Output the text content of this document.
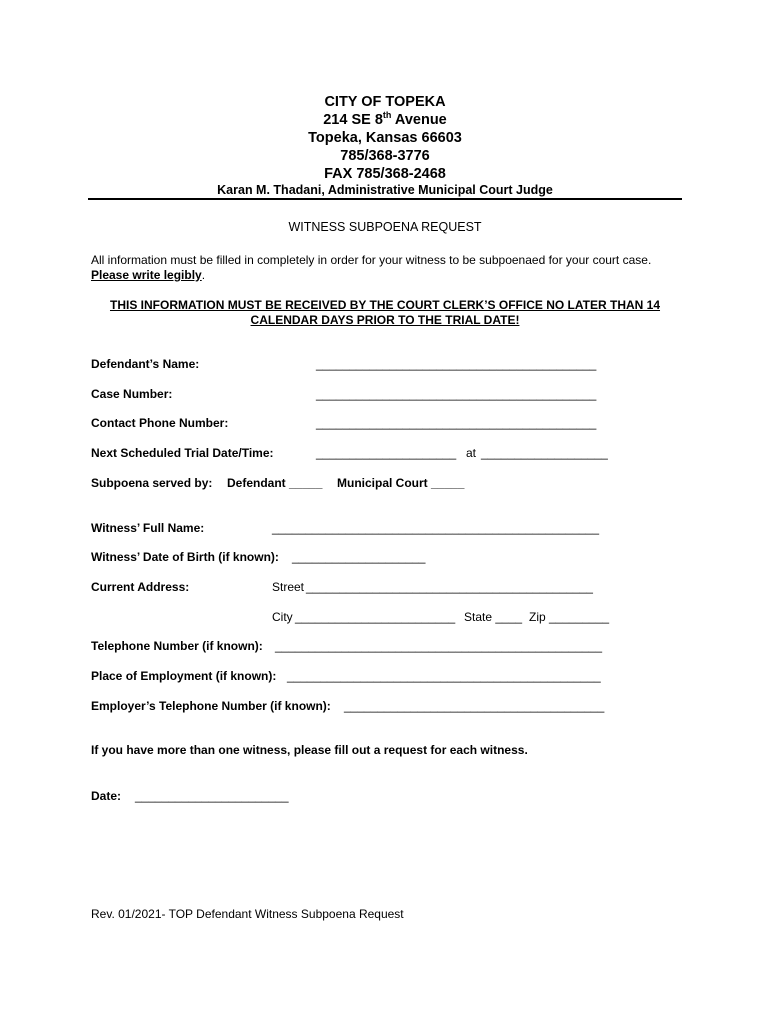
CITY OF TOPEKA
214 SE 8th Avenue
Topeka, Kansas 66603
785/368-3776
FAX 785/368-2468
Karan M. Thadani, Administrative Municipal Court Judge
WITNESS SUBPOENA REQUEST
All information must be filled in completely in order for your witness to be subpoenaed for your court case.
Please write legibly.
THIS INFORMATION MUST BE RECEIVED BY THE COURT CLERK’S OFFICE NO LATER THAN 14
CALENDAR DAYS PRIOR TO THE TRIAL DATE!
Defendant’s Name:	__________________________________________
Case Number:	__________________________________________
Contact Phone Number:	__________________________________________
Next Scheduled Trial Date/Time:	_____________________ at ___________________
Subpoena served by: Defendant _____ Municipal Court _____
Witness’ Full Name:	_________________________________________________
Witness’ Date of Birth (if known): ____________________
Current Address:	Street ___________________________________________
City ________________________ State ____ Zip _________
Telephone Number (if known): _________________________________________________
Place of Employment (if known): _______________________________________________
Employer’s Telephone Number (if known): _______________________________________
If you have more than one witness, please fill out a request for each witness.
Date: _______________________
Rev. 01/2021- TOP Defendant Witness Subpoena Request
